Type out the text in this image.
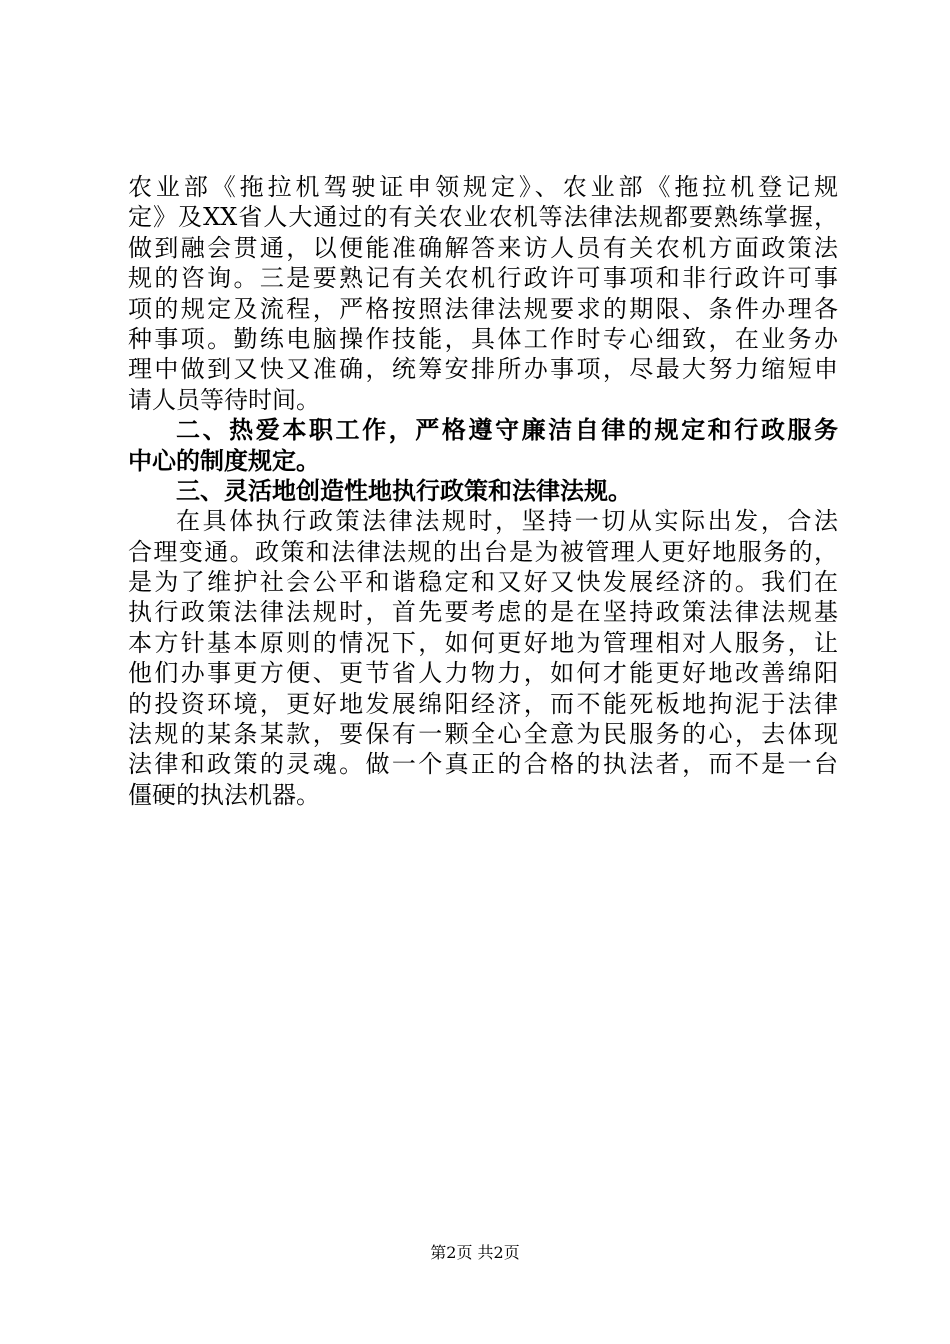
农业部《拖拉机驾驶证申领规定》、农业部《拖拉机登记规
定》及XX省人大通过的有关农业农机等法律法规都要熟练掌握，
做到融会贯通，以便能准确解答来访人员有关农机方面政策法
规的咨询。三是要熟记有关农机行政许可事项和非行政许可事
项的规定及流程，严格按照法律法规要求的期限、条件办理各
种事项。勤练电脑操作技能，具体工作时专心细致，在业务办
理中做到又快又准确，统筹安排所办事项，尽最大努力缩短申
请人员等待时间。
二、热爱本职工作，严格遵守廉洁自律的规定和行政服务
中心的制度规定。
三、灵活地创造性地执行政策和法律法规。
在具体执行政策法律法规时，坚持一切从实际出发，合法
合理变通。政策和法律法规的出台是为被管理人更好地服务的，
是为了维护社会公平和谐稳定和又好又快发展经济的。我们在
执行政策法律法规时，首先要考虑的是在坚持政策法律法规基
本方针基本原则的情况下，如何更好地为管理相对人服务，让
他们办事更方便、更节省人力物力，如何才能更好地改善绵阳
的投资环境，更好地发展绵阳经济，而不能死板地拘泥于法律
法规的某条某款，要保有一颗全心全意为民服务的心，去体现
法律和政策的灵魂。做一个真正的合格的执法者，而不是一台
僵硬的执法机器。
第2页 共2页
